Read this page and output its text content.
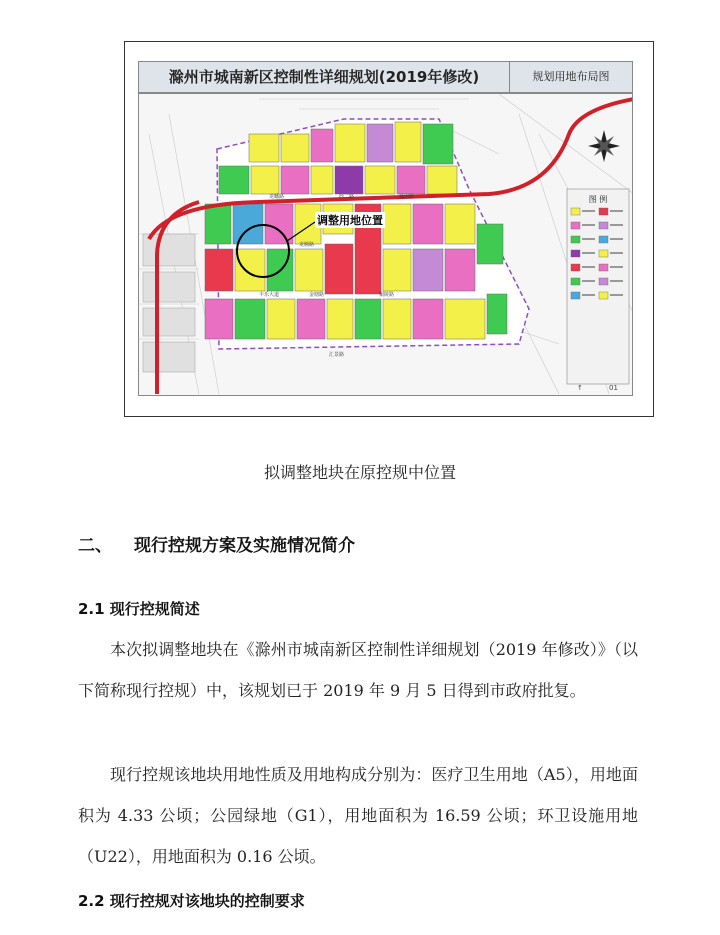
滁州市城南新区控制性详细规划(2019年修改)	规划用地布局图
调整用地位置
图 例
龙蟠路	经二路	城南路
龙腾路
丰乐大道	金塘路	铜陵路
汇景路
↑	01
拟调整地块在原控规中位置
二、 现行控规方案及实施情况简介
2.1 现行控规简述

本次拟调整地块在《滁州市城南新区控制性详细规划（2019 年修改）》（以下简称现行控规）中，该规划已于 2019 年 9 月 5 日得到市政府批复。

现行控规该地块用地性质及用地构成分别为：医疗卫生用地（A5），用地面积为 4.33 公顷；公园绿地（G1），用地面积为 16.59 公顷；环卫设施用地（U22），用地面积为 0.16 公顷。

2.2 现行控规对该地块的控制要求
